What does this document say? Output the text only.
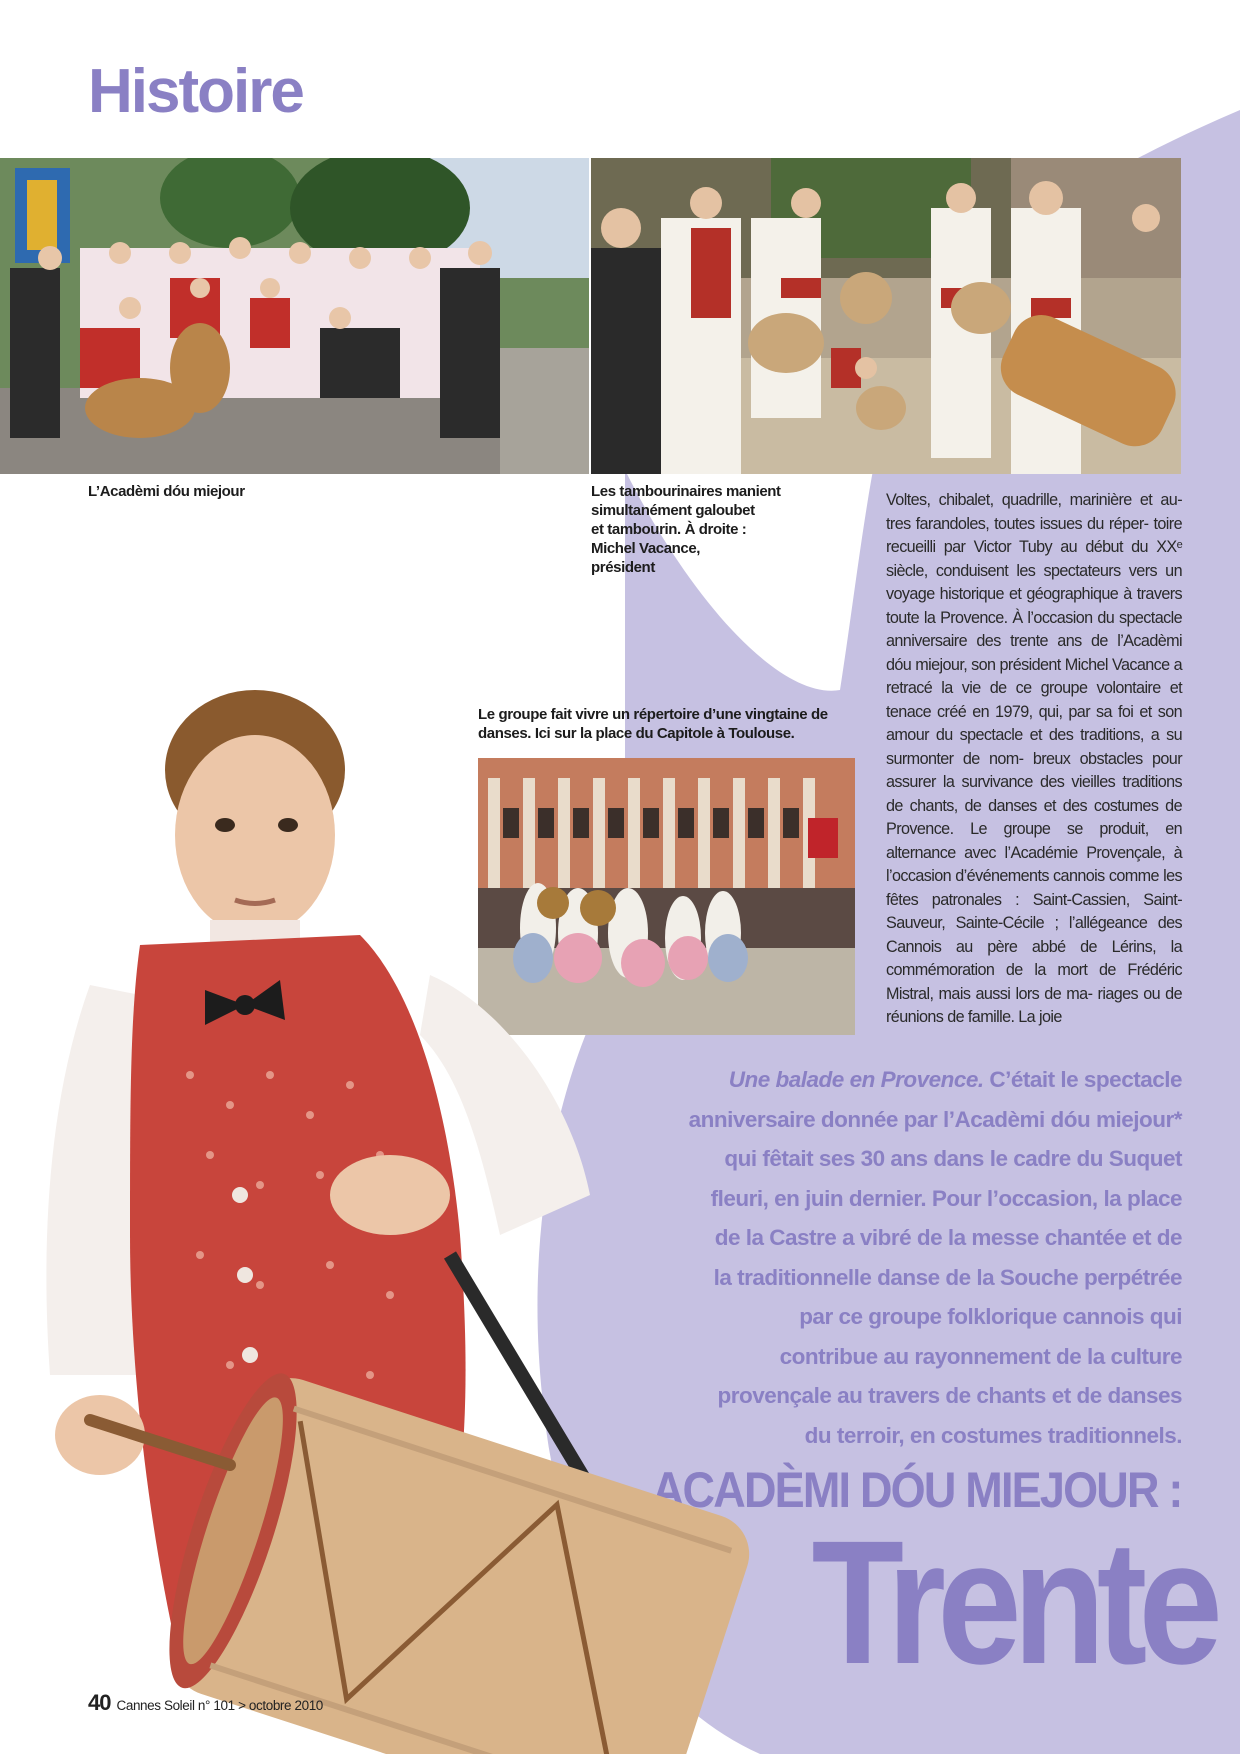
Histoire

L’Acadèmi dóu miejour	Les tambourinaires manient
simultanément galoubet
et tambourin. À droite :
Michel Vacance,
président

Le groupe fait vivre un répertoire d’une vingtaine de
danses. Ici sur la place du Capitole à Toulouse.

Voltes, chibalet, quadrille, marinière et au- tres farandoles, toutes issues du réper- toire recueilli par Victor Tuby au début du XXᵉ siècle, conduisent les spectateurs vers un voyage historique et géographique à travers toute la Provence. À l’occasion du spectacle anniversaire des trente ans de l’Acadèmi dóu miejour, son président Michel Vacance a retracé la vie de ce groupe volontaire et tenace créé en 1979, qui, par sa foi et son amour du spectacle et des traditions, a su surmonter de nom- breux obstacles pour assurer la survivance des vieilles traditions de chants, de danses et des costumes de Provence. Le groupe se produit, en alternance avec l’Académie Provençale, à l’occasion d’événements cannois comme les fêtes patronales : Saint-Cassien, Saint-Sauveur, Sainte-Cécile ; l’allégeance des Cannois au père abbé de Lérins, la commémoration de la mort de Frédéric Mistral, mais aussi lors de ma- riages ou de réunions de famille. La joie

Une balade en Provence. C’était le spectacle
anniversaire donnée par l’Acadèmi dóu miejour*
qui fêtait ses 30 ans dans le cadre du Suquet
fleuri, en juin dernier. Pour l’occasion, la place
de la Castre a vibré de la messe chantée et de
la traditionnelle danse de la Souche perpétrée
par ce groupe folklorique cannois qui
contribue au rayonnement de la culture
provençale au travers de chants et de danses
du terroir, en costumes traditionnels.

ACADÈMI DÓU MIEJOUR :
Trente
40 Cannes Soleil n° 101 > octobre 2010
